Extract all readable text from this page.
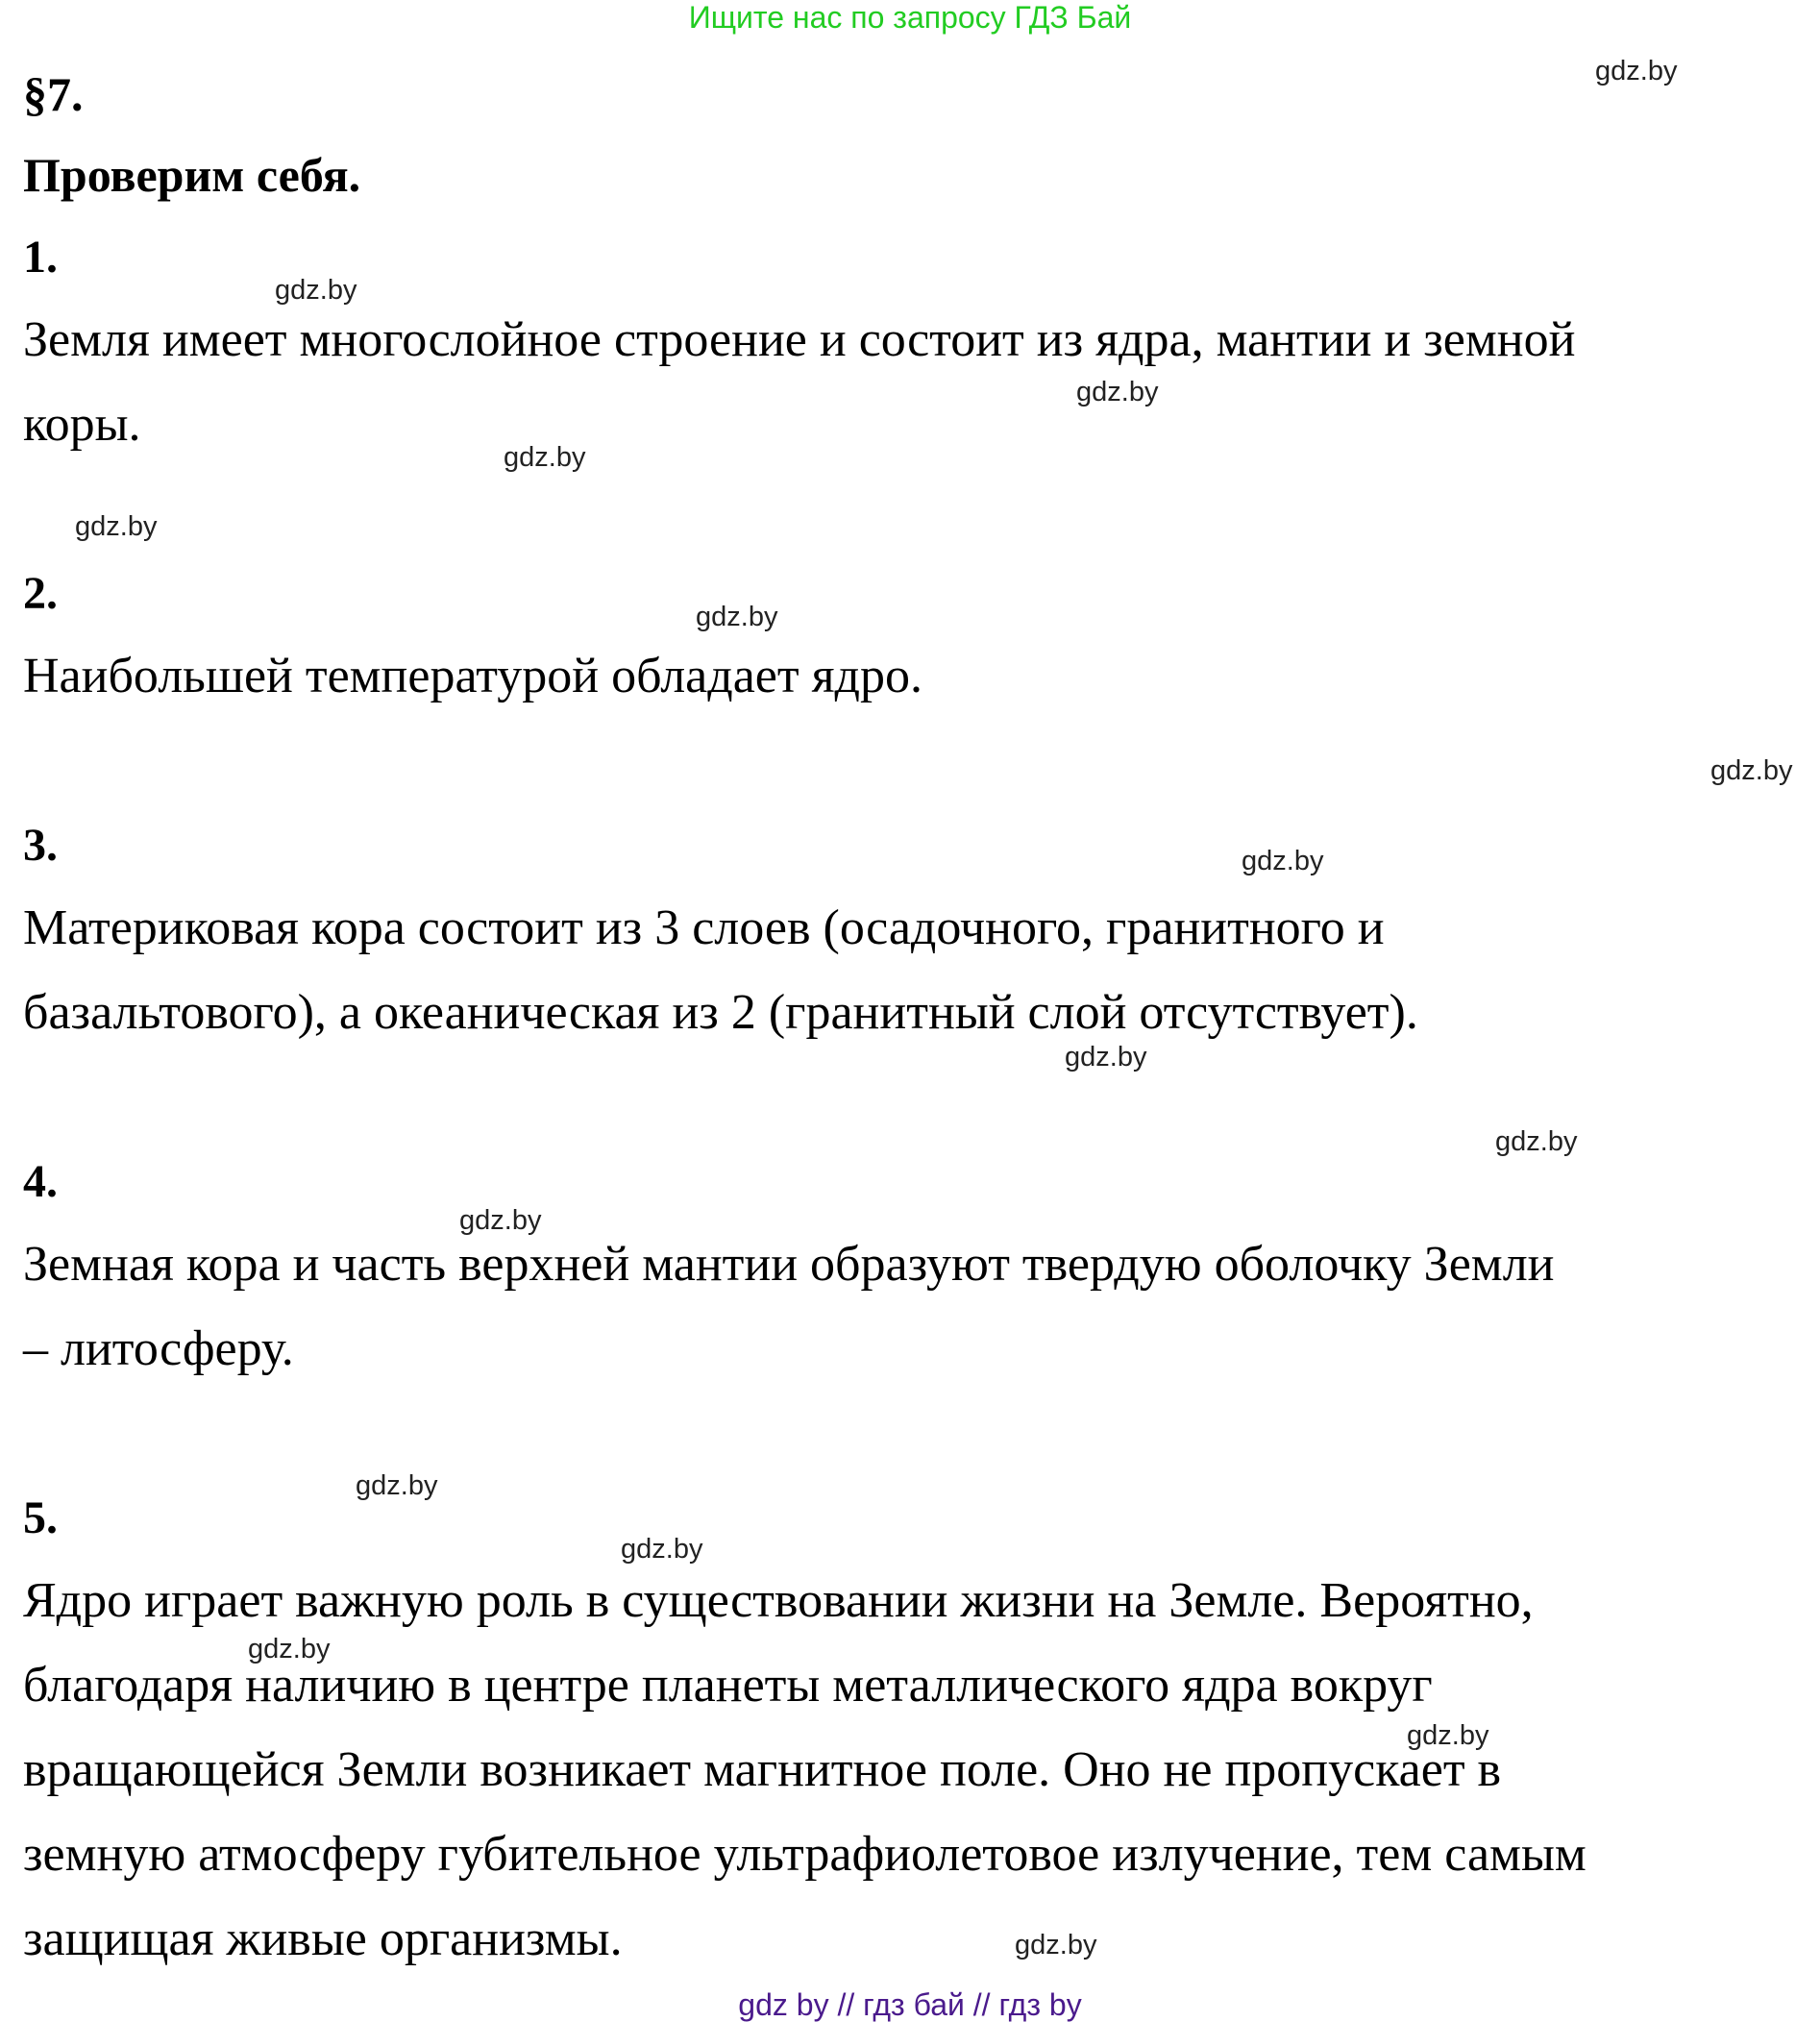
Ищите нас по запросу ГДЗ Бай

§7.

Проверим себя.

1.

Земля имеет многослойное строение и состоит из ядра, мантии и земной
коры.

2.

Наибольшей температурой обладает ядро.

3.

Материковая кора состоит из 3 слоев (осадочного, гранитного и
базальтового), а океаническая из 2 (гранитный слой отсутствует).

4.

Земная кора и часть верхней мантии образуют твердую оболочку Земли
– литосферу.

5.

Ядро играет важную роль в существовании жизни на Земле. Вероятно,
благодаря наличию в центре планеты металлического ядра вокруг
вращающейся Земли возникает магнитное поле. Оно не пропускает в
земную атмосферу губительное ультрафиолетовое излучение, тем самым
защищая живые организмы.
gdz.by
gdz.by
gdz.by
gdz.by
gdz.by
gdz.by
gdz.by
gdz.by
gdz.by
gdz.by
gdz.by
gdz.by
gdz.by
gdz.by
gdz.by
gdz.by
gdz by // гдз бай // гдз by
